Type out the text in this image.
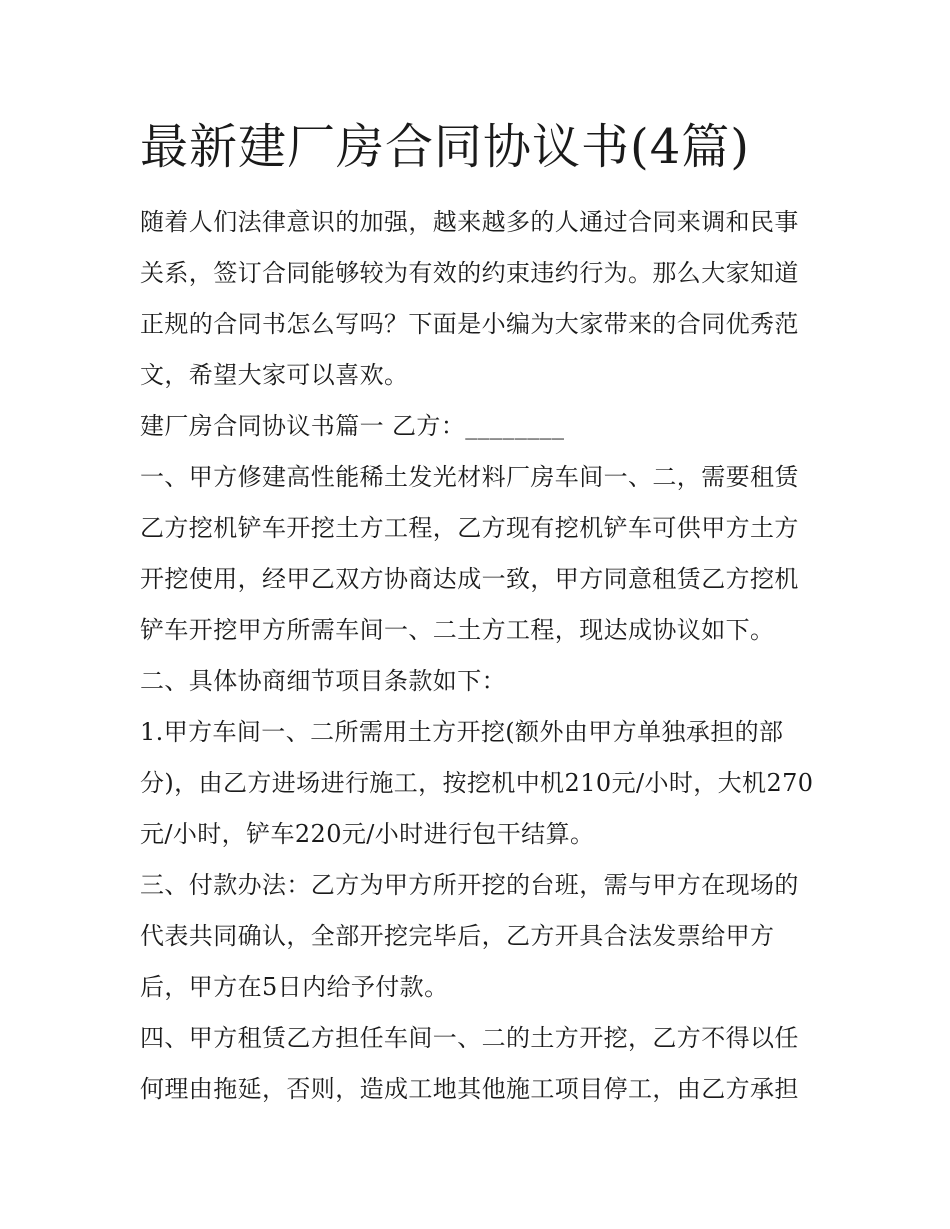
最新建厂房合同协议书(4篇)

随着人们法律意识的加强，越来越多的人通过合同来调和民事关系，签订合同能够较为有效的约束违约行为。那么大家知道正规的合同书怎么写吗？下面是小编为大家带来的合同优秀范文，希望大家可以喜欢。

建厂房合同协议书篇一 乙方：________

一、甲方修建高性能稀土发光材料厂房车间一、二，需要租赁乙方挖机铲车开挖土方工程，乙方现有挖机铲车可供甲方土方开挖使用，经甲乙双方协商达成一致，甲方同意租赁乙方挖机铲车开挖甲方所需车间一、二土方工程，现达成协议如下。

二、具体协商细节项目条款如下：

1.甲方车间一、二所需用土方开挖(额外由甲方单独承担的部分)，由乙方进场进行施工，按挖机中机210元/小时，大机270元/小时，铲车220元/小时进行包干结算。

三、付款办法：乙方为甲方所开挖的台班，需与甲方在现场的代表共同确认，全部开挖完毕后，乙方开具合法发票给甲方后，甲方在5日内给予付款。

四、甲方租赁乙方担任车间一、二的土方开挖，乙方不得以任何理由拖延，否则，造成工地其他施工项目停工，由乙方承担
